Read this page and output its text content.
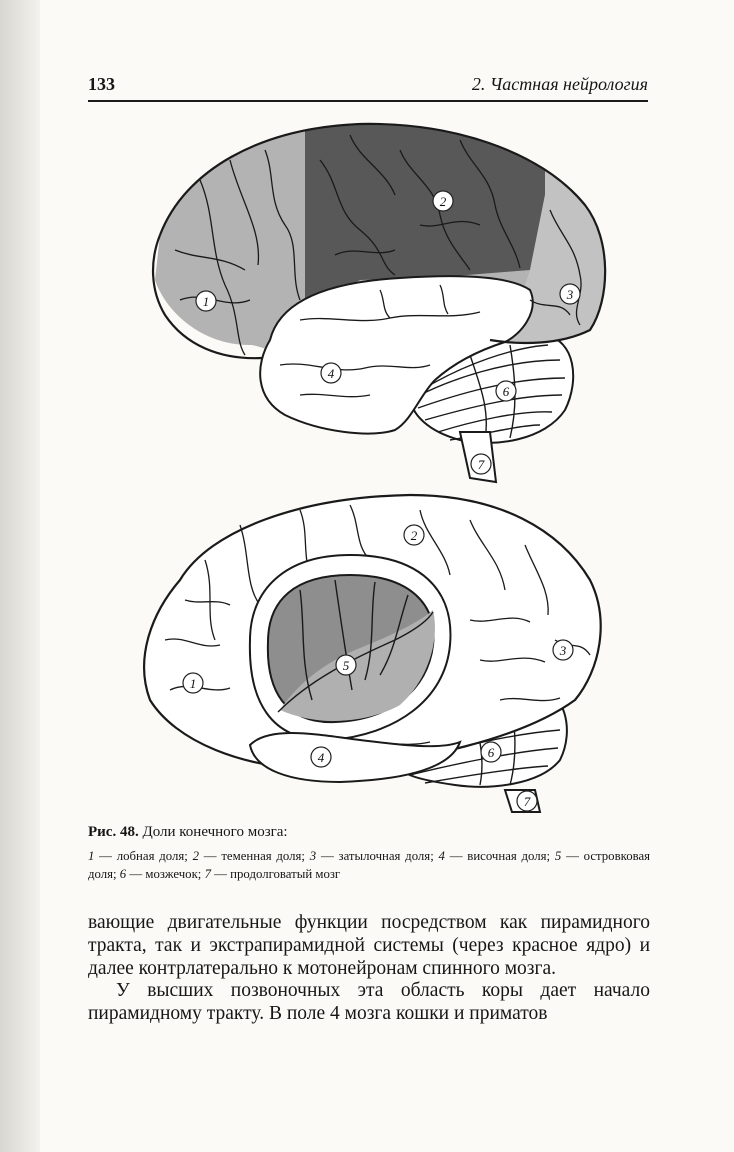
133	2. Частная нейрология
1
2
3
4
6
7
1
2
3
4
5
6
7
Рис. 48. Доли конечного мозга:
1 — лобная доля; 2 — теменная доля; 3 — затылочная доля; 4 — височная доля; 5 — островковая доля; 6 — мозжечок; 7 — продолговатый мозг

вающие двигательные функции посредством как пирамидного тракта, так и экстрапирамидной системы (через красное ядро) и далее контрлатерально к мотонейронам спинного мозга.

У высших позвоночных эта область коры дает начало пирамидному тракту. В поле 4 мозга кошки и приматов
